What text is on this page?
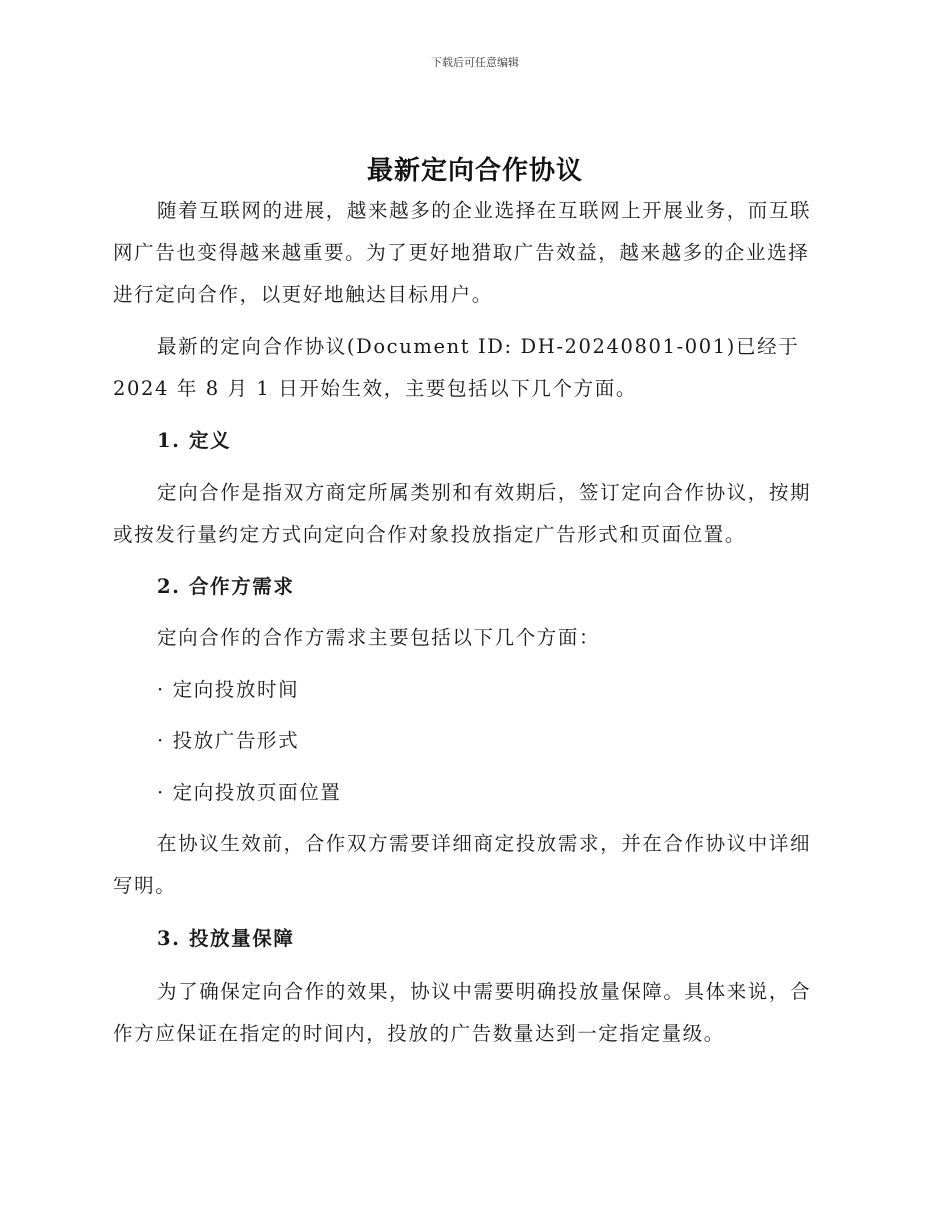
下载后可任意编辑
最新定向合作协议

随着互联网的进展，越来越多的企业选择在互联网上开展业务，而互联网广告也变得越来越重要。为了更好地猎取广告效益，越来越多的企业选择进行定向合作，以更好地触达目标用户。

最新的定向合作协议(Document ID: DH-20240801-001)已经于 2024 年 8 月 1 日开始生效，主要包括以下几个方面。

1. 定义

定向合作是指双方商定所属类别和有效期后，签订定向合作协议，按期或按发行量约定方式向定向合作对象投放指定广告形式和页面位置。

2. 合作方需求
定向合作的合作方需求主要包括以下几个方面：
· 定向投放时间
· 投放广告形式
· 定向投放页面位置

在协议生效前，合作双方需要详细商定投放需求，并在合作协议中详细写明。

3. 投放量保障

为了确保定向合作的效果，协议中需要明确投放量保障。具体来说，合作方应保证在指定的时间内，投放的广告数量达到一定指定量级。
